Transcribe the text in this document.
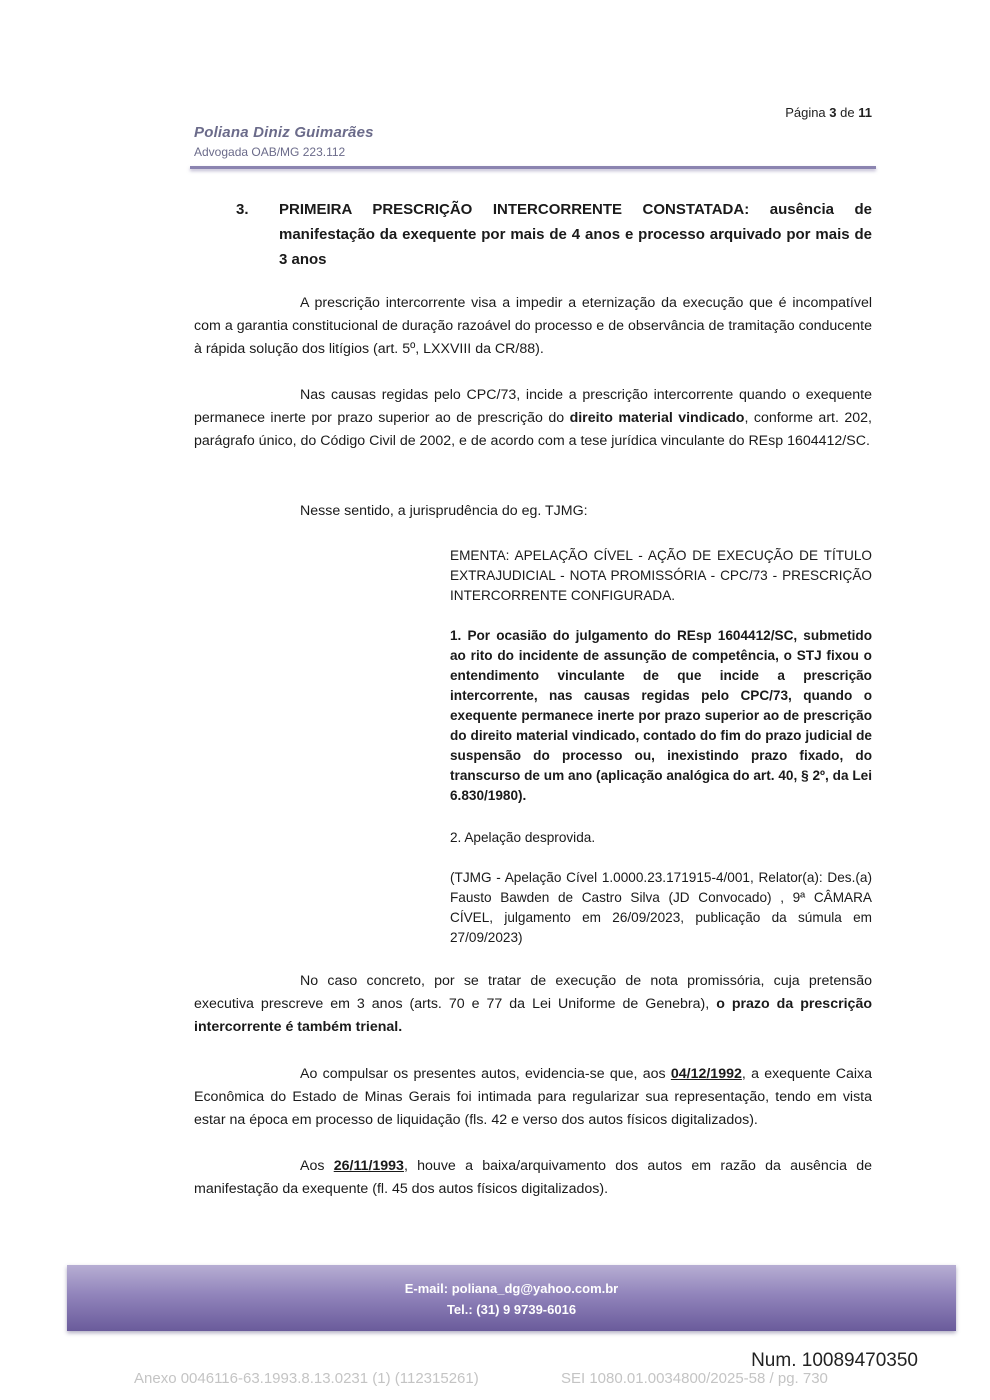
Página 3 de 11
Poliana Diniz Guimarães
Advogada OAB/MG 223.112
3. PRIMEIRA PRESCRIÇÃO INTERCORRENTE CONSTATADA: ausência de manifestação da exequente por mais de 4 anos e processo arquivado por mais de 3 anos
A prescrição intercorrente visa a impedir a eternização da execução que é incompatível com a garantia constitucional de duração razoável do processo e de observância de tramitação conducente à rápida solução dos litígios (art. 5º, LXXVIII da CR/88).
Nas causas regidas pelo CPC/73, incide a prescrição intercorrente quando o exequente permanece inerte por prazo superior ao de prescrição do direito material vindicado, conforme art. 202, parágrafo único, do Código Civil de 2002, e de acordo com a tese jurídica vinculante do REsp 1604412/SC.
Nesse sentido, a jurisprudência do eg. TJMG:
EMENTA: APELAÇÃO CÍVEL - AÇÃO DE EXECUÇÃO DE TÍTULO EXTRAJUDICIAL - NOTA PROMISSÓRIA - CPC/73 - PRESCRIÇÃO INTERCORRENTE CONFIGURADA.
1. Por ocasião do julgamento do REsp 1604412/SC, submetido ao rito do incidente de assunção de competência, o STJ fixou o entendimento vinculante de que incide a prescrição intercorrente, nas causas regidas pelo CPC/73, quando o exequente permanece inerte por prazo superior ao de prescrição do direito material vindicado, contado do fim do prazo judicial de suspensão do processo ou, inexistindo prazo fixado, do transcurso de um ano (aplicação analógica do art. 40, § 2º, da Lei 6.830/1980).
2. Apelação desprovida.
(TJMG - Apelação Cível 1.0000.23.171915-4/001, Relator(a): Des.(a) Fausto Bawden de Castro Silva (JD Convocado) , 9ª CÂMARA CÍVEL, julgamento em 26/09/2023, publicação da súmula em 27/09/2023)
No caso concreto, por se tratar de execução de nota promissória, cuja pretensão executiva prescreve em 3 anos (arts. 70 e 77 da Lei Uniforme de Genebra), o prazo da prescrição intercorrente é também trienal.
Ao compulsar os presentes autos, evidencia-se que, aos 04/12/1992, a exequente Caixa Econômica do Estado de Minas Gerais foi intimada para regularizar sua representação, tendo em vista estar na época em processo de liquidação (fls. 42 e verso dos autos físicos digitalizados).
Aos 26/11/1993, houve a baixa/arquivamento dos autos em razão da ausência de manifestação da exequente (fl. 45 dos autos físicos digitalizados).
E-mail: poliana_dg@yahoo.com.br
Tel.: (31) 9 9739-6016
Num. 10089470350
Anexo 0046116-63.1993.8.13.0231 (1) (112315261)	SEI 1080.01.0034800/2025-58 / pg. 730
